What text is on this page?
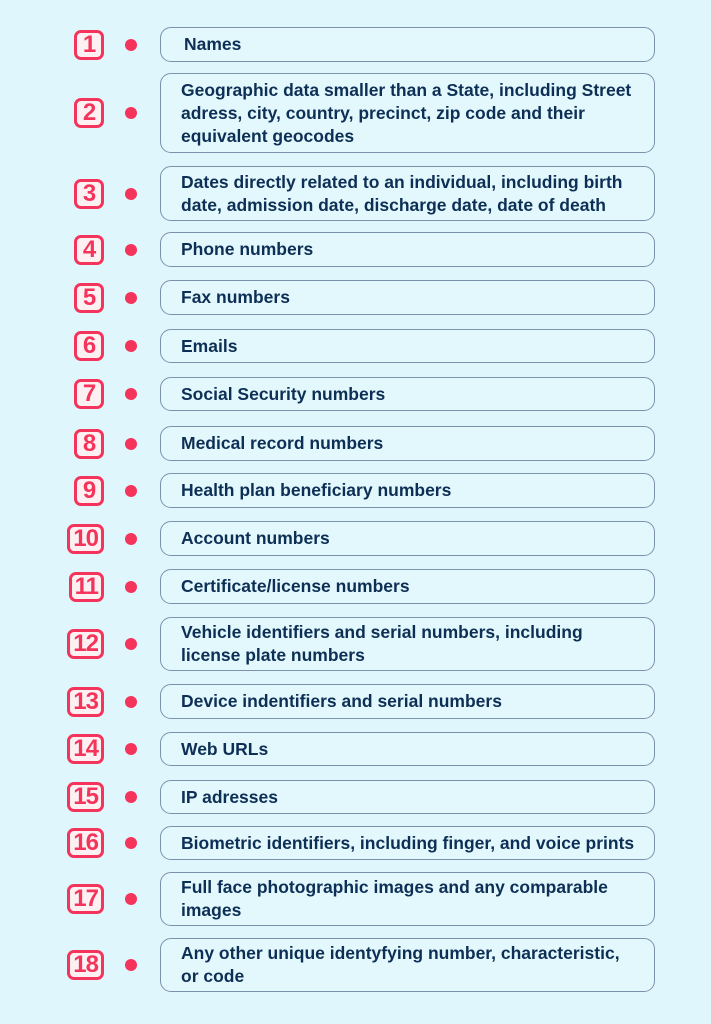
1	Names
2
Geographic data smaller than a State, including Street adress, city, country, precinct, zip code and their equivalent geocodes
3	Dates directly related to an individual, including birth date, admission date, discharge date, date of death
4	Phone numbers
5	Fax numbers
6	Emails
7	Social Security numbers
8	Medical record numbers
9	Health plan beneficiary numbers
10	Account numbers
11	Certificate/license numbers
12	Vehicle identifiers and serial numbers, including license plate numbers
13	Device indentifiers and serial numbers
14	Web URLs
15	IP adresses
16	Biometric identifiers, including finger, and voice prints
17	Full face photographic images and any comparable images
18	Any other unique identyfying number, characteristic, or code
